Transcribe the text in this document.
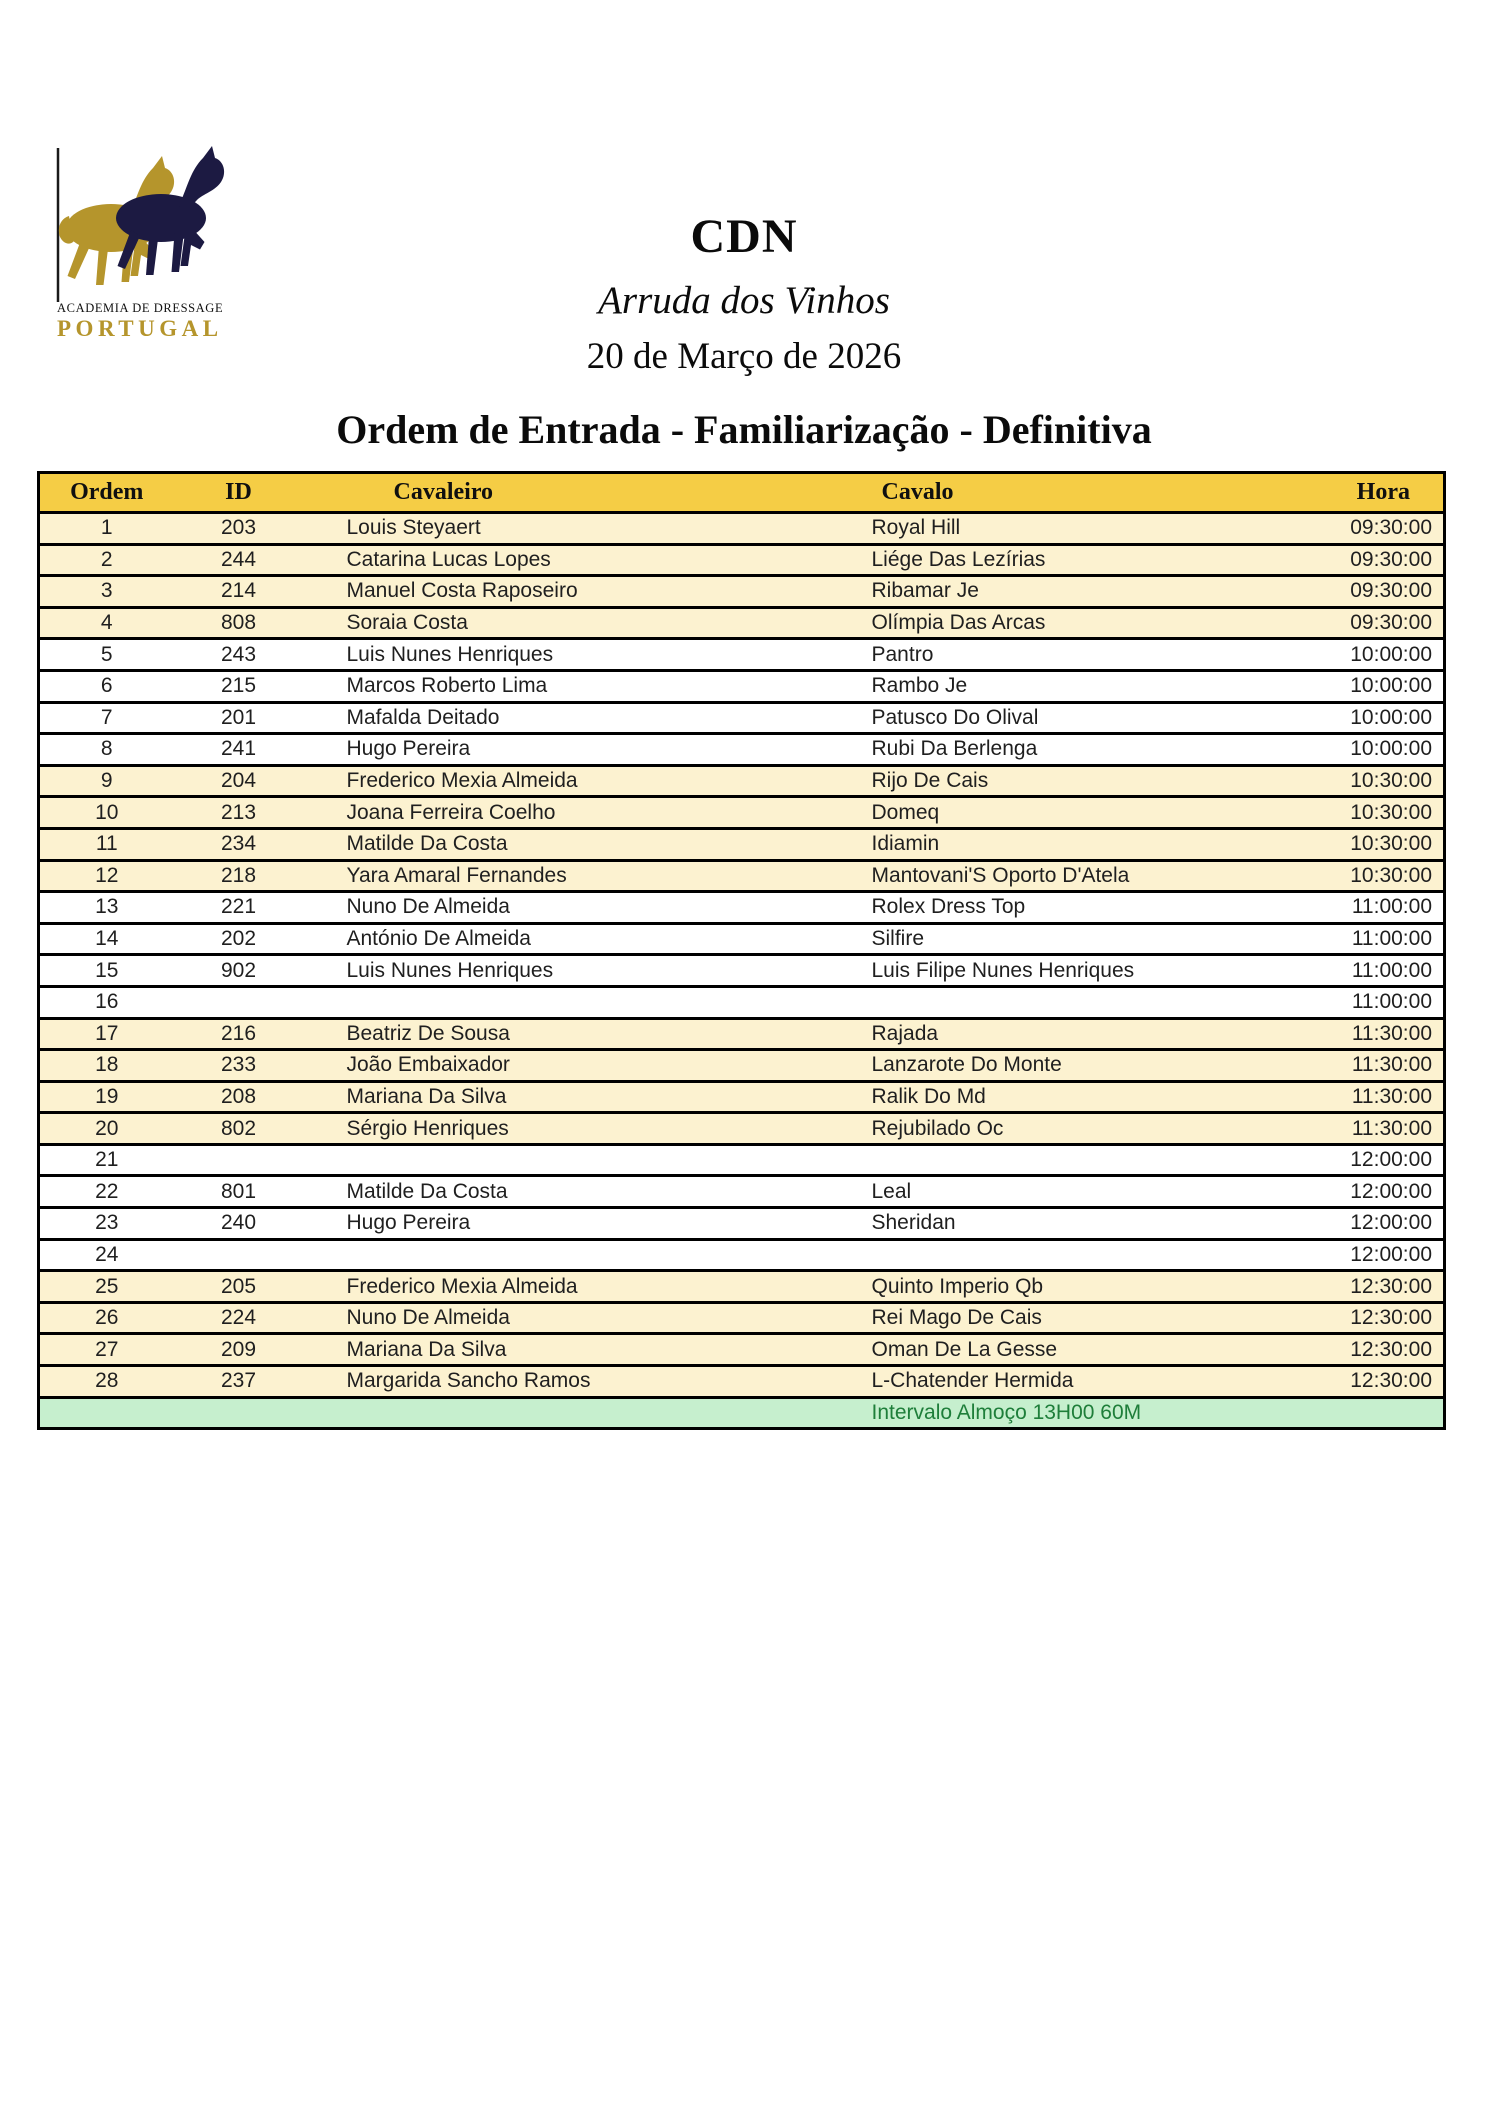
ACADEMIA DE DRESSAGE
PORTUGAL
CDN
Arruda dos Vinhos
20 de Março de 2026
Ordem de Entrada - Familiarização - Definitiva
Ordem	ID	Cavaleiro	Cavalo	Hora
1	203	Louis Steyaert	Royal Hill	09:30:00
2	244	Catarina Lucas Lopes	Liége Das Lezírias	09:30:00
3	214	Manuel Costa Raposeiro	Ribamar Je	09:30:00
4	808	Soraia Costa	Olímpia Das Arcas	09:30:00
5	243	Luis Nunes Henriques	Pantro	10:00:00
6	215	Marcos Roberto Lima	Rambo Je	10:00:00
7	201	Mafalda Deitado	Patusco Do Olival	10:00:00
8	241	Hugo Pereira	Rubi Da Berlenga	10:00:00
9	204	Frederico Mexia Almeida	Rijo De Cais	10:30:00
10	213	Joana Ferreira Coelho	Domeq	10:30:00
11	234	Matilde Da Costa	Idiamin	10:30:00
12	218	Yara Amaral Fernandes	Mantovani'S Oporto D'Atela	10:30:00
13	221	Nuno De Almeida	Rolex Dress Top	11:00:00
14	202	António De Almeida	Silfire	11:00:00
15	902	Luis Nunes Henriques	Luis Filipe Nunes Henriques	11:00:00
16				11:00:00
17	216	Beatriz De Sousa	Rajada	11:30:00
18	233	João Embaixador	Lanzarote Do Monte	11:30:00
19	208	Mariana Da Silva	Ralik Do Md	11:30:00
20	802	Sérgio Henriques	Rejubilado Oc	11:30:00
21				12:00:00
22	801	Matilde Da Costa	Leal	12:00:00
23	240	Hugo Pereira	Sheridan	12:00:00
24				12:00:00
25	205	Frederico Mexia Almeida	Quinto Imperio Qb	12:30:00
26	224	Nuno De Almeida	Rei Mago De Cais	12:30:00
27	209	Mariana Da Silva	Oman De La Gesse	12:30:00
28	237	Margarida Sancho Ramos	L-Chatender Hermida	12:30:00
			Intervalo Almoço 13H00 60M	
